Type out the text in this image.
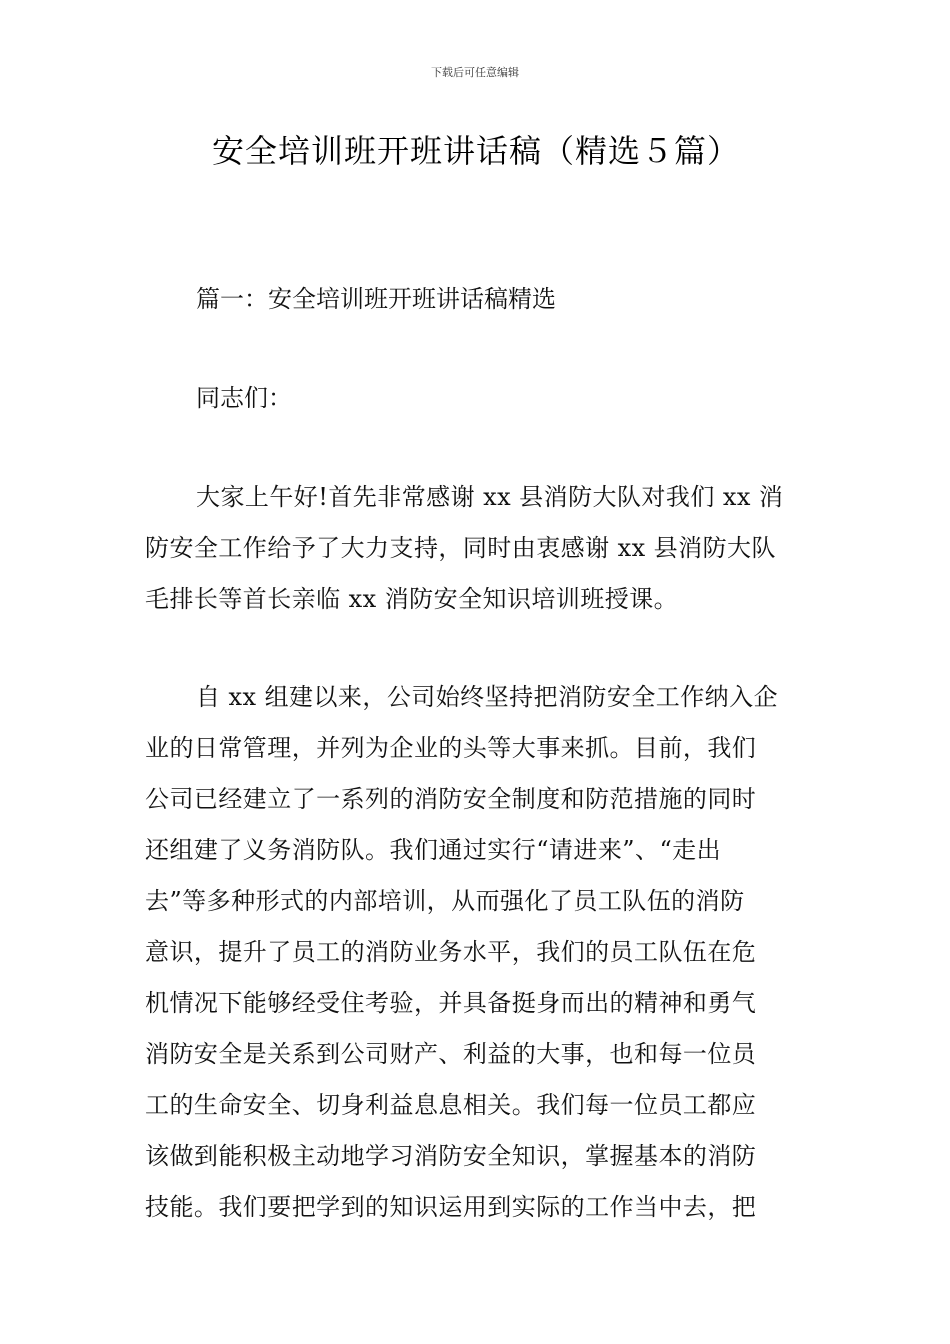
下载后可任意编辑
安全培训班开班讲话稿（精选５篇）
篇一：安全培训班开班讲话稿精选
同志们：
大家上午好!首先非常感谢 xx 县消防大队对我们 xx 消
防安全工作给予了大力支持，同时由衷感谢 xx 县消防大队
毛排长等首长亲临 xx 消防安全知识培训班授课。
自 xx 组建以来，公司始终坚持把消防安全工作纳入企
业的日常管理，并列为企业的头等大事来抓。目前，我们
公司已经建立了一系列的消防安全制度和防范措施的同时
还组建了义务消防队。我们通过实行“请进来”、“走出
去”等多种形式的内部培训，从而强化了员工队伍的消防
意识，提升了员工的消防业务水平，我们的员工队伍在危
机情况下能够经受住考验，并具备挺身而出的精神和勇气
消防安全是关系到公司财产、利益的大事，也和每一位员
工的生命安全、切身利益息息相关。我们每一位员工都应
该做到能积极主动地学习消防安全知识，掌握基本的消防
技能。我们要把学到的知识运用到实际的工作当中去，把
